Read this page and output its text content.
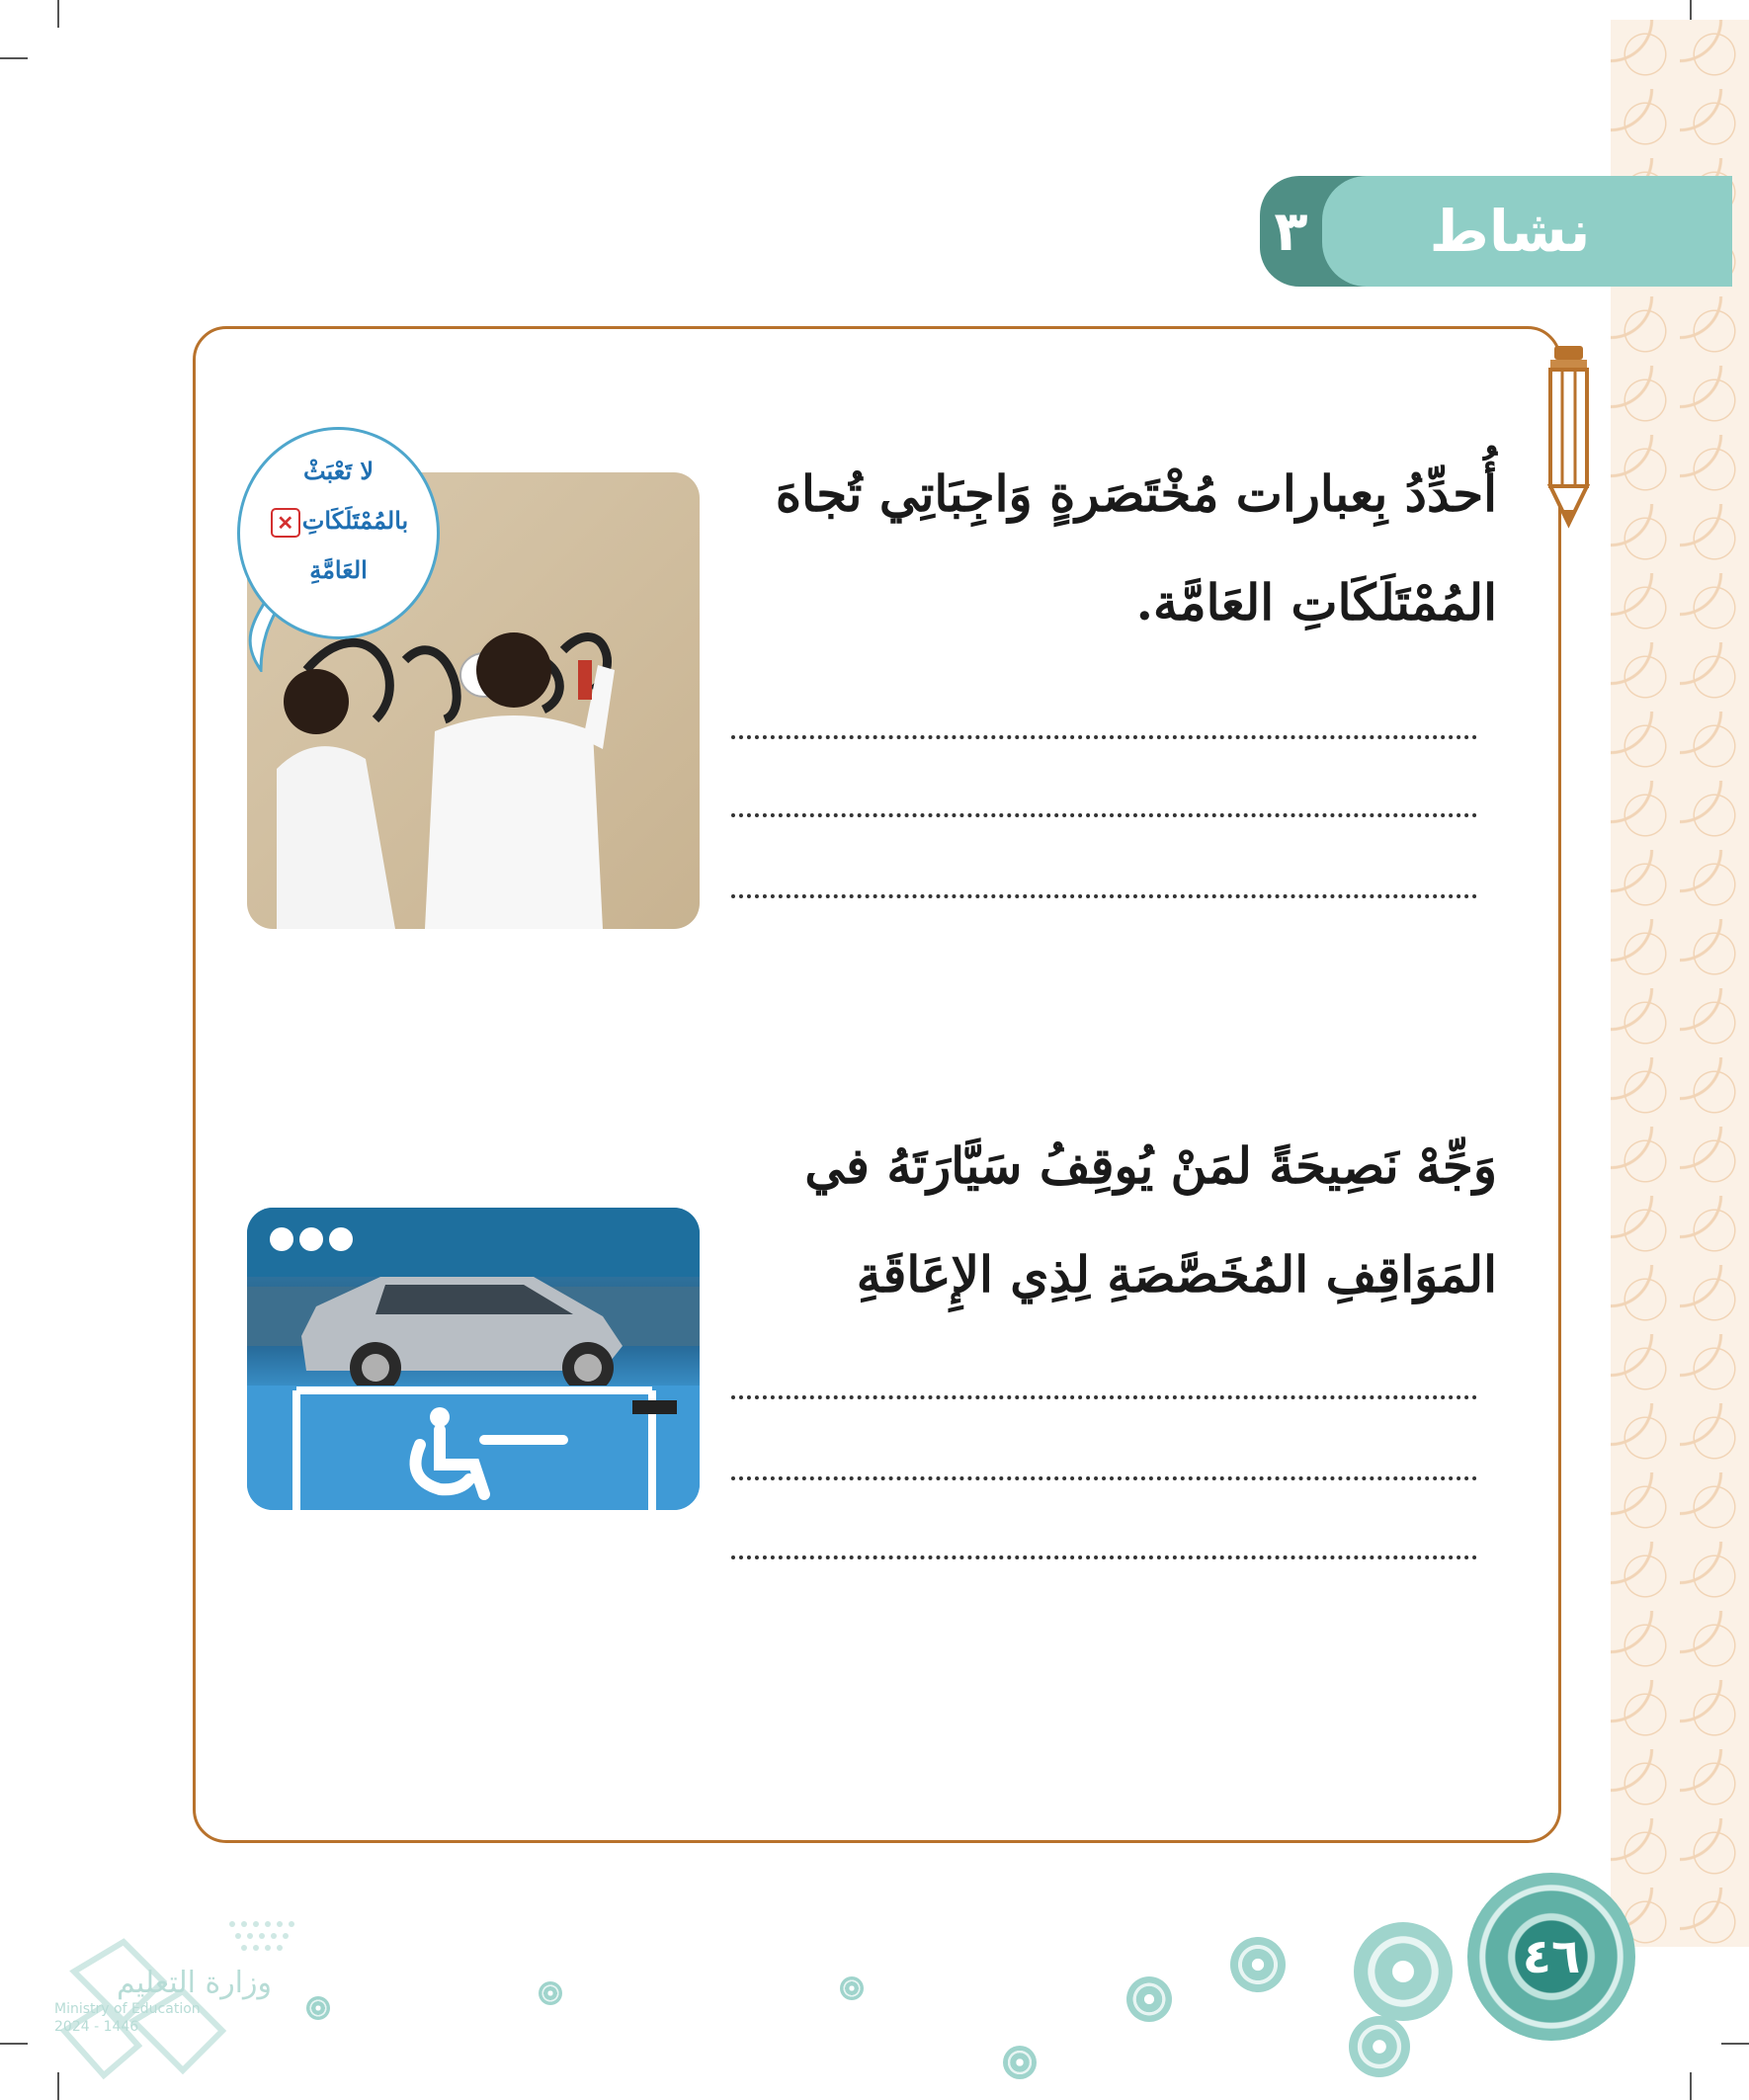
٣	نشاط
أُحدِّدُ بِعبارات مُخْتَصَرةٍ وَاجِبَاتِي تُجاهَ
المُمْتَلَكَاتِ العَامَّة.
لا تَعْبَثْ
بالمُمْتَلَكَاتِ✕
العَامَّةِ
وَجِّهْ نَصِيحَةً لمَنْ يُوقِفُ سَيَّارَتَهُ في
المَوَاقِفِ المُخَصَّصَةِ لِذِي الإِعَاقَةِ
٤٦
وزارة التعليم
Ministry of Education
2024 - 1446
